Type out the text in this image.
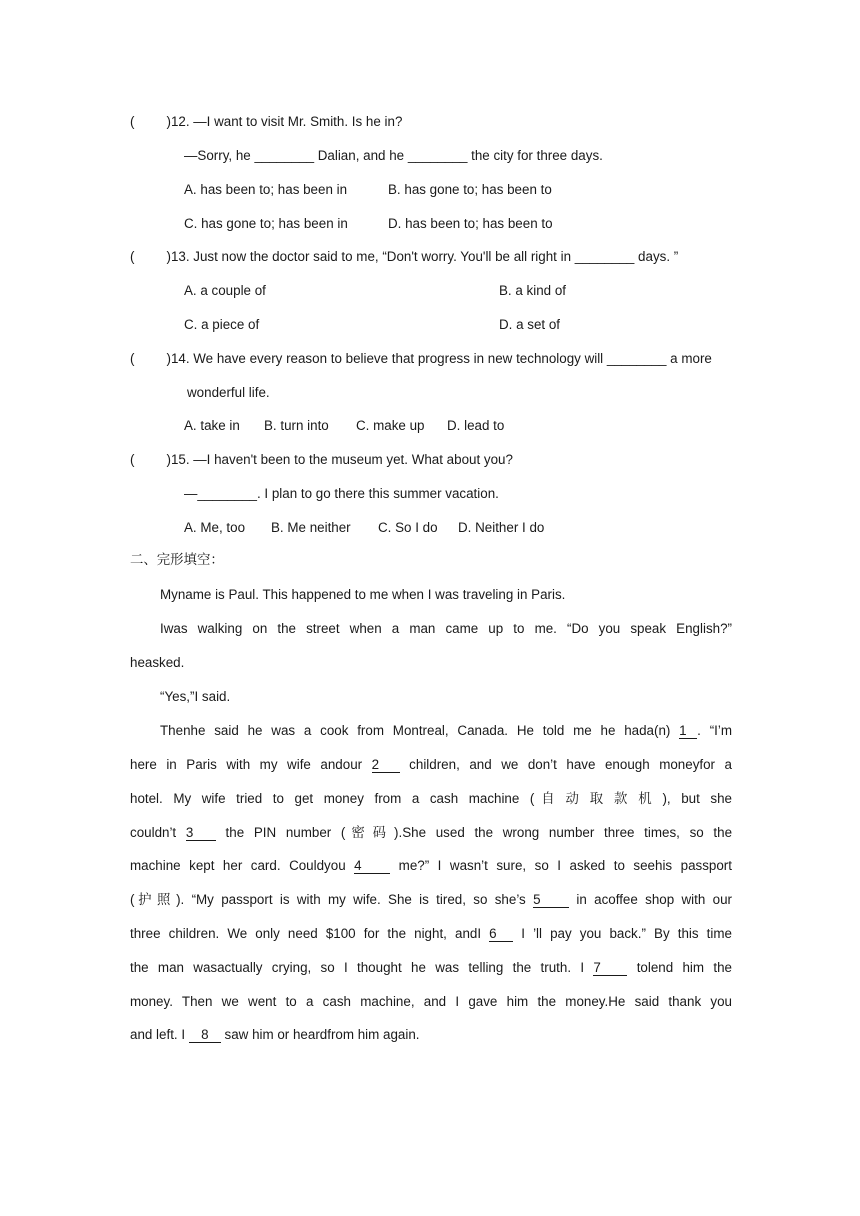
( )12. —I want to visit Mr. Smith. Is he in?
—Sorry, he ________ Dalian, and he ________ the city for three days.
A. has been to; has been in	B. has gone to; has been to
C. has gone to; has been in	D. has been to; has been to
( )13. Just now the doctor said to me, “Don't worry. You'll be all right in ________ days. ”
A. a couple of	B. a kind of
C. a piece of	D. a set of
( )14. We have every reason to believe that progress in new technology will ________ a more
wonderful life.
A. take in B. turn into C. make up D. lead to
( )15. —I haven't been to the museum yet. What about you?
—________. I plan to go there this summer vacation.
A. Me, too B. Me neither C. So I do D. Neither I do
二、完形填空：
Myname is Paul. This happened to me when I was traveling in Paris.
Iwas walking on the street when a man came up to me. “Do you speak English?”
heasked.
“Yes,”I said.
Thenhe said he was a cook from Montreal, Canada. He told me he hada(n) 1 . “I’m
here in Paris with my wife andour 2 children, and we don’t have enough moneyfor a
hotel. My wife tried to get money from a cash machine (自动取款机), but she
couldn’t 3 the PIN number (密码).She used the wrong number three times, so the
machine kept her card. Couldyou 4 me?” I wasn’t sure, so I asked to seehis passport
(护照). “My passport is with my wife. She is tired, so she’s 5 in acoffee shop with our
three children. We only need $100 for the night, andI 6 I ’ll pay you back.” By this time
the man wasactually crying, so I thought he was telling the truth. I 7 tolend him the
money. Then we went to a cash machine, and I gave him the money.He said thank you
and left. I 8 saw him or heardfrom him again.
